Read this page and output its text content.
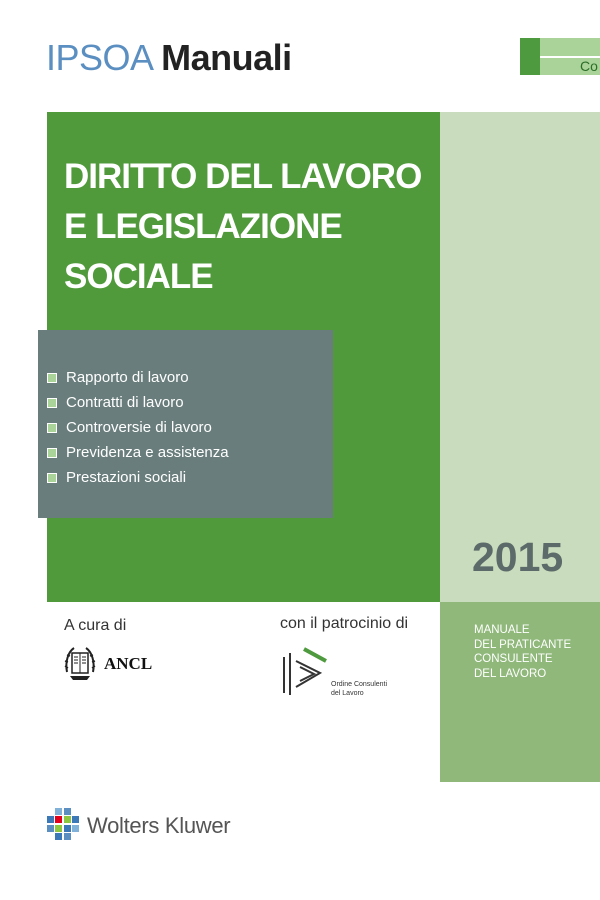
IPSOA Manuali	Co
DIRITTO DEL LAVORO
E LEGISLAZIONE
SOCIALE
Rapporto di lavoro
Contratti di lavoro
Controversie di lavoro
Previdenza e assistenza
Prestazioni sociali
2015
MANUALE
DEL PRATICANTE
CONSULENTE
DEL LAVORO
A cura di
ANCL
con il patrocinio di
Ordine Consulenti
del Lavoro
Wolters Kluwer
